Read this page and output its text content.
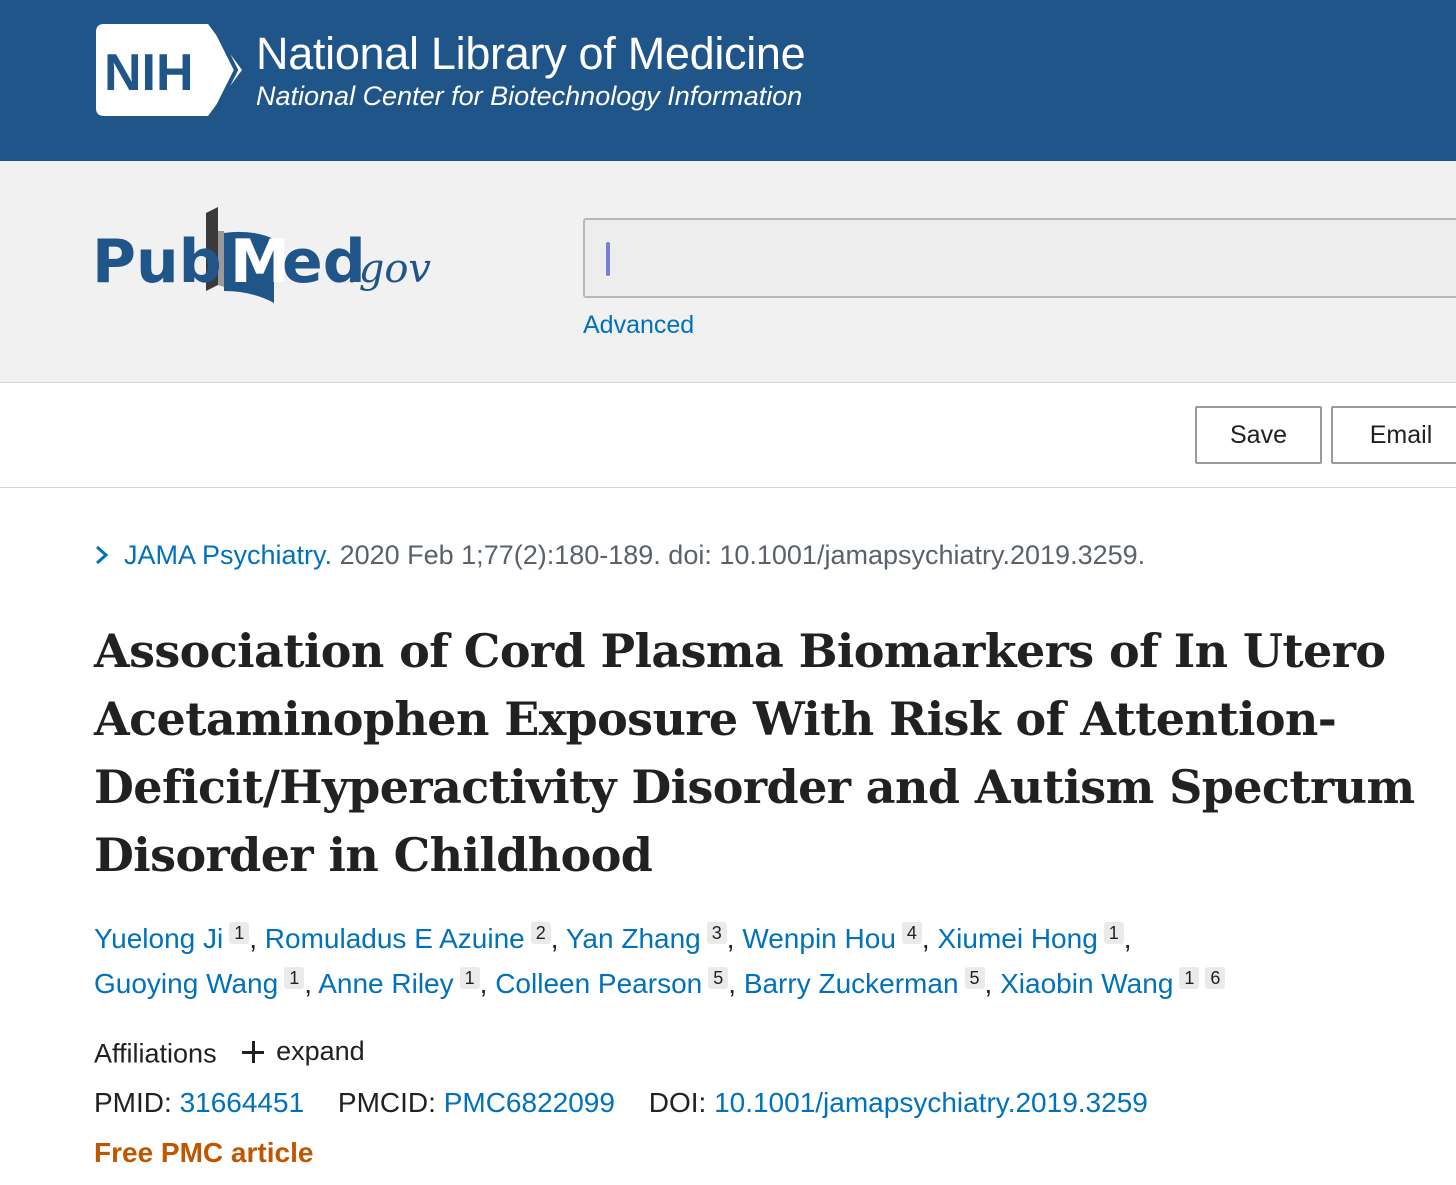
NIH National Library of Medicine
National Center for Biotechnology Information
Pub M
ed
.gov
PubMed.gov
Advanced
Save	Email
JAMA Psychiatry. 2020 Feb 1;77(2):180-189. doi: 10.1001/jamapsychiatry.2019.3259.
Association of Cord Plasma Biomarkers of In Utero Acetaminophen Exposure With Risk of Attention-Deficit/Hyperactivity Disorder and Autism Spectrum Disorder in Childhood
Yuelong Ji 1 , Romuladus E Azuine 2 , Yan Zhang 3 , Wenpin Hou 4 , Xiumei Hong 1 ,
Guoying Wang 1 , Anne Riley 1 , Colleen Pearson 5 , Barry Zuckerman 5 , Xiaobin Wang 1 6
Affiliations expand
PMID: 31664451 PMCID: PMC6822099 DOI: 10.1001/jamapsychiatry.2019.3259
Free PMC article
